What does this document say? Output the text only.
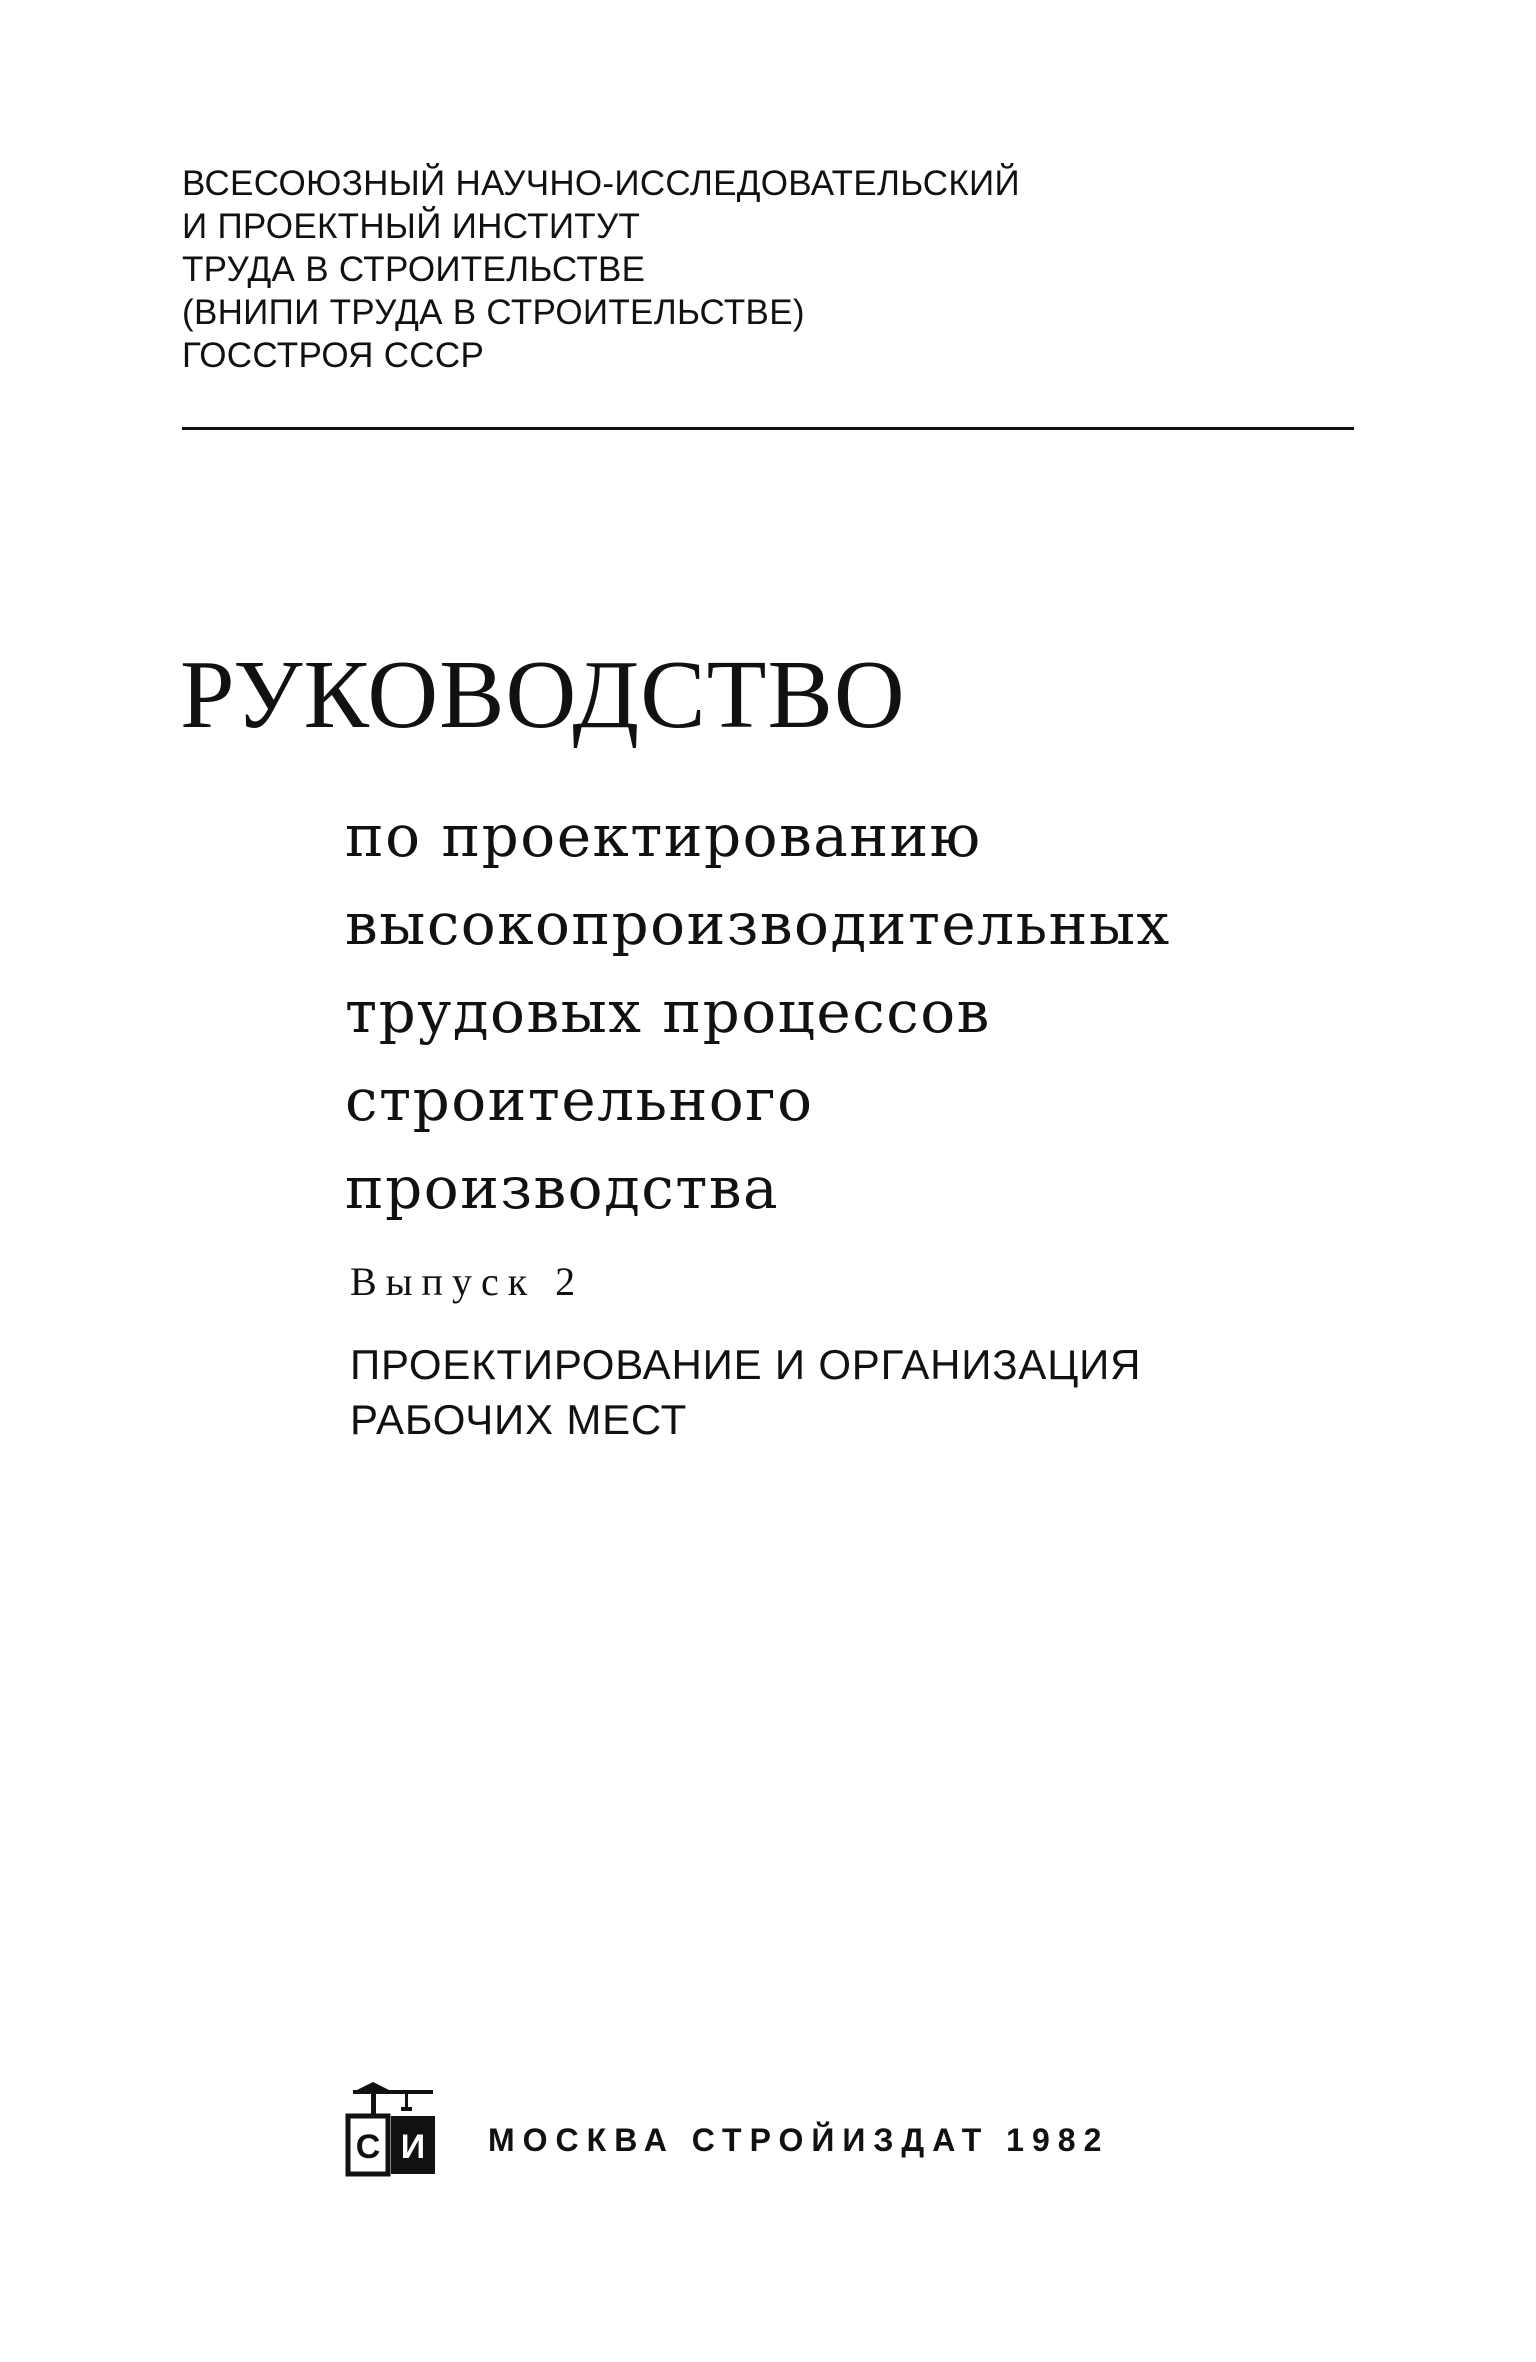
ВСЕСОЮЗНЫЙ НАУЧНО-ИССЛЕДОВАТЕЛЬСКИЙ
И ПРОЕКТНЫЙ ИНСТИТУТ
ТРУДА В СТРОИТЕЛЬСТВЕ
(ВНИПИ ТРУДА В СТРОИТЕЛЬСТВЕ)
ГОССТРОЯ СССР
РУКОВОДСТВО
по проектированию
высокопроизводительных
трудовых процессов
строительного
производства
Выпуск 2
ПРОЕКТИРОВАНИЕ И ОРГАНИЗАЦИЯ
РАБОЧИХ МЕСТ
С И МОСКВА СТРОЙИЗДАТ 1982
